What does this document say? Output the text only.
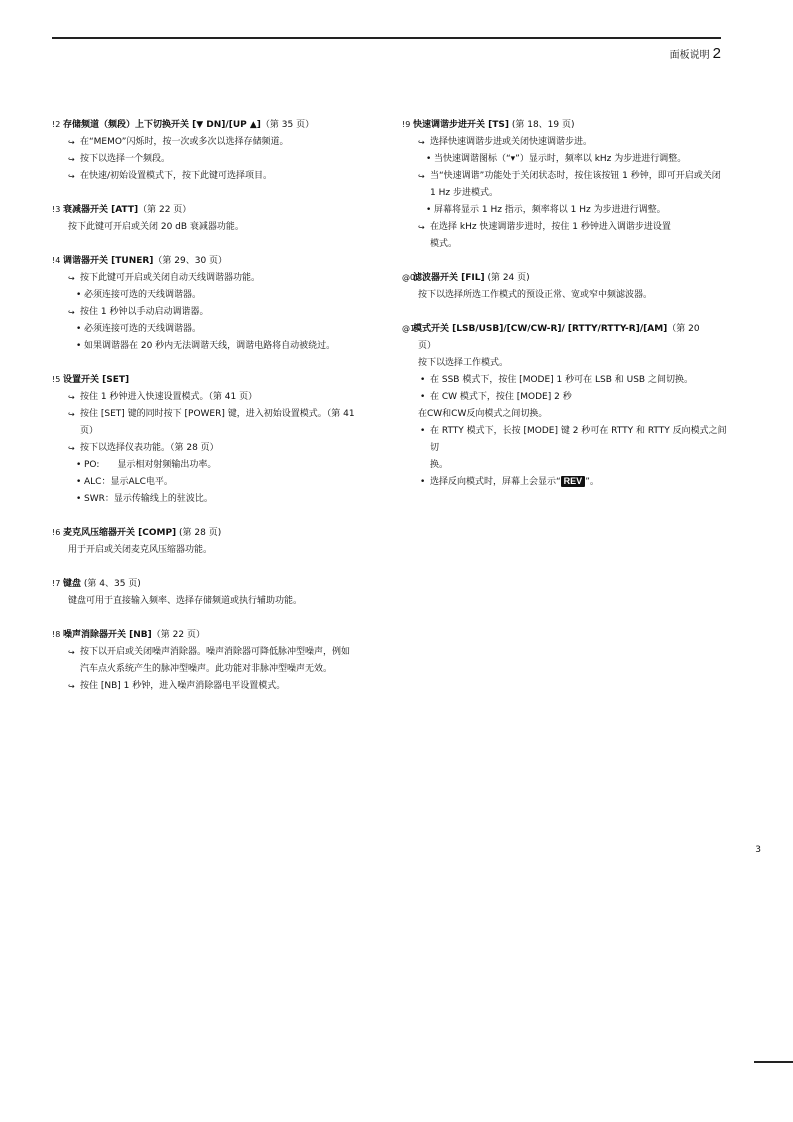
面板说明 2
!2 存储频道（频段）上下切换开关 [▼ DN]/[UP ▲]（第 35 页）
↪ 在“MEMO”闪烁时，按一次或多次以选择存储频道。
↪ 按下以选择一个频段。
↪ 在快速/初始设置模式下，按下此键可选择项目。
!3 衰减器开关 [ATT]（第 22 页）
按下此键可开启或关闭 20 dB 衰减器功能。
!4 调谐器开关 [TUNER]（第 29、30 页）
↪ 按下此键可开启或关闭自动天线调谐器功能。
• 必须连接可选的天线调谐器。
↪ 按住 1 秒钟以手动启动调谐器。
• 必须连接可选的天线调谐器。
• 如果调谐器在 20 秒内无法调谐天线，调谐电路将自动被绕过。
!5 设置开关 [SET]
↪ 按住 1 秒钟进入快速设置模式。（第 41 页）
↪ 按住 [SET] 键的同时按下 [POWER] 键，进入初始设置模式。（第 41
页）
↪ 按下以选择仪表功能。（第 28 页）
• PO:　　显示相对射频输出功率。
• ALC：显示ALC电平。
• SWR：显示传输线上的驻波比。
!6 麦克风压缩器开关 [COMP] (第 28 页)
用于开启或关闭麦克风压缩器功能。
!7 键盘 (第 4、35 页)
键盘可用于直接输入频率、选择存储频道或执行辅助功能。
!8 噪声消除器开关 [NB]（第 22 页）
↪ 按下以开启或关闭噪声消除器。噪声消除器可降低脉冲型噪声，例如
汽车点火系统产生的脉冲型噪声。此功能对非脉冲型噪声无效。
↪ 按住 [NB] 1 秒钟，进入噪声消除器电平设置模式。
!9 快速调谐步进开关 [TS] (第 18、19 页)
↪ 选择快速调谐步进或关闭快速调谐步进。
• 当快速调谐图标（“▾”）显示时，频率以 kHz 为步进进行调整。
↪ 当“快速调谐”功能处于关闭状态时，按住该按钮 1 秒钟，即可开启或关闭
1 Hz 步进模式。
• 屏幕将显示 1 Hz 指示，频率将以 1 Hz 为步进进行调整。
↪ 在选择 kHz 快速调谐步进时，按住 1 秒钟进入调谐步进设置
模式。
@0滤波器开关 [FIL] (第 24 页)
按下以选择所选工作模式的预设正常、宽或窄中频滤波器。
@1模式开关 [LSB/USB]/[CW/CW-R]/ [RTTY/RTTY-R]/[AM]（第 20
页）
按下以选择工作模式。
• 在 SSB 模式下，按住 [MODE] 1 秒可在 LSB 和 USB 之间切换。
• 在 CW 模式下，按住 [MODE] 2 秒
在CW和CW反向模式之间切换。
• 在 RTTY 模式下，长按 [MODE] 键 2 秒可在 RTTY 和 RTTY 反向模式之间切
换。
• 选择反向模式时，屏幕上会显示“ REV ”。
3
